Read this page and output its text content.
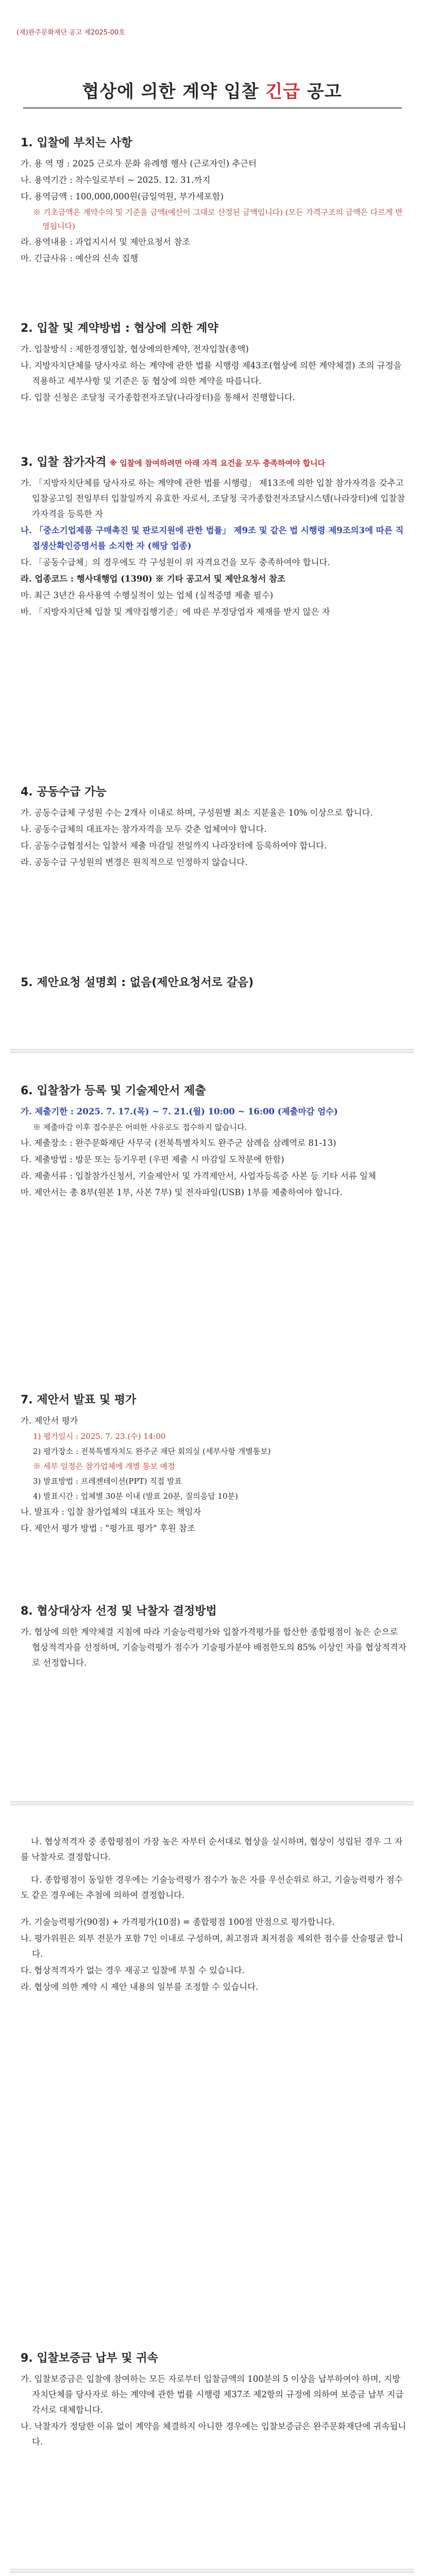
(재)완주문화재단 공고 제2025-00호
협상에 의한 계약 입찰 긴급 공고
1. 입찰에 부치는 사항
가. 용 역 명 : 2025 근로자 문화 유례행 행사 (근로자인) 추근터
나. 용역기간 : 착수일로부터 ~ 2025. 12. 31.까지
다. 용역금액 : 100,000,000원(금일억원, 부가세포함)
※ 기초금액은 계약수의 및 기준을 금액(예산이 그대로 산정된 금액입니다) (모든 가격구조의 금액은 다르게 반영됩니다)
라. 용역내용 : 과업지시서 및 제안요청서 참조
마. 긴급사유 : 예산의 신속 집행
2. 입찰 및 계약방법 : 협상에 의한 계약
가. 입찰방식 : 제한경쟁입찰, 협상에의한계약, 전자입찰(총액)
나. 지방자치단체를 당사자로 하는 계약에 관한 법률 시행령 제43조(협상에 의한 계약체결) 조의 규정을 적용하고 세부사항 및 기준은 동 협상에 의한 계약을 따릅니다.
다. 입찰 신청은 조달청 국가종합전자조달(나라장터)을 통해서 진행합니다.
3. 입찰 참가자격 ※ 입찰에 참여하려면 아래 자격 요건을 모두 충족하여야 합니다
가. 「지방자치단체를 당사자로 하는 계약에 관한 법률 시행령」 제13조에 의한 입찰 참가자격을 갖추고 입찰공고일 전일부터 입찰일까지 유효한 자로서, 조달청 국가종합전자조달시스템(나라장터)에 입찰참가자격을 등록한 자
나. 「중소기업제품 구매촉진 및 판로지원에 관한 법률」 제9조 및 같은 법 시행령 제9조의3에 따른 직접생산확인증명서를 소지한 자 (해당 업종)
다. 「공동수급체」의 경우에도 각 구성원이 위 자격요건을 모두 충족하여야 합니다.
라. 업종코드 : 행사대행업 (1390) ※ 기타 공고서 및 제안요청서 참조
마. 최근 3년간 유사용역 수행실적이 있는 업체 (실적증명 제출 필수)
바. 「지방자치단체 입찰 및 계약집행기준」에 따른 부정당업자 제재를 받지 않은 자
4. 공동수급 가능
가. 공동수급체 구성원 수는 2개사 이내로 하며, 구성원별 최소 지분율은 10% 이상으로 합니다.
나. 공동수급체의 대표자는 참가자격을 모두 갖춘 업체여야 합니다.
다. 공동수급협정서는 입찰서 제출 마감일 전일까지 나라장터에 등록하여야 합니다.
라. 공동수급 구성원의 변경은 원칙적으로 인정하지 않습니다.
5. 제안요청 설명회 : 없음(제안요청서로 갈음)
6. 입찰참가 등록 및 기술제안서 제출
가. 제출기한 : 2025. 7. 17.(목) ~ 7. 21.(월) 10:00 ~ 16:00 (제출마감 엄수)
※ 제출마감 이후 접수분은 어떠한 사유로도 접수하지 않습니다.
나. 제출장소 : 완주문화재단 사무국 (전북특별자치도 완주군 삼례읍 삼례역로 81-13)
다. 제출방법 : 방문 또는 등기우편 (우편 제출 시 마감일 도착분에 한함)
라. 제출서류 : 입찰참가신청서, 기술제안서 및 가격제안서, 사업자등록증 사본 등 기타 서류 일체
마. 제안서는 총 8부(원본 1부, 사본 7부) 및 전자파일(USB) 1부를 제출하여야 합니다.
7. 제안서 발표 및 평가
가. 제안서 평가
1) 평가일시 : 2025. 7. 23.(수) 14:00
2) 평가장소 : 전북특별자치도 완주군 재단 회의실 (세부사항 개별통보)
※ 세부 일정은 참가업체에 개별 통보 예정
3) 발표방법 : 프레젠테이션(PPT) 직접 발표
4) 발표시간 : 업체별 30분 이내 (발표 20분, 질의응답 10분)
나. 발표자 : 입찰 참가업체의 대표자 또는 책임자
다. 제안서 평가 방법 : "평가표 평가" 후원 참조
8. 협상대상자 선정 및 낙찰자 결정방법
가. 협상에 의한 계약체결 지침에 따라 기술능력평가와 입찰가격평가를 합산한 종합평점이 높은 순으로 협상적격자를 선정하며, 기술능력평가 점수가 기술평가분야 배점한도의 85% 이상인 자를 협상적격자로 선정합니다.
나. 협상적격자 중 종합평점이 가장 높은 자부터 순서대로 협상을 실시하며, 협상이 성립된 경우 그 자를 낙찰자로 결정합니다.
다. 종합평점이 동일한 경우에는 기술능력평가 점수가 높은 자를 우선순위로 하고, 기술능력평가 점수도 같은 경우에는 추첨에 의하여 결정합니다.
가. 기술능력평가(90점) + 가격평가(10점) = 종합평점 100점 만점으로 평가합니다.
나. 평가위원은 외부 전문가 포함 7인 이내로 구성하며, 최고점과 최저점을 제외한 점수를 산술평균 합니다.
다. 협상적격자가 없는 경우 재공고 입찰에 부칠 수 있습니다.
라. 협상에 의한 계약 시 제안 내용의 일부를 조정할 수 있습니다.
9. 입찰보증금 납부 및 귀속
가. 입찰보증금은 입찰에 참여하는 모든 자로부터 입찰금액의 100분의 5 이상을 납부하여야 하며, 지방자치단체를 당사자로 하는 계약에 관한 법률 시행령 제37조 제2항의 규정에 의하여 보증금 납부 지급각서로 대체합니다.
나. 낙찰자가 정당한 이유 없이 계약을 체결하지 아니한 경우에는 입찰보증금은 완주문화재단에 귀속됩니다.
